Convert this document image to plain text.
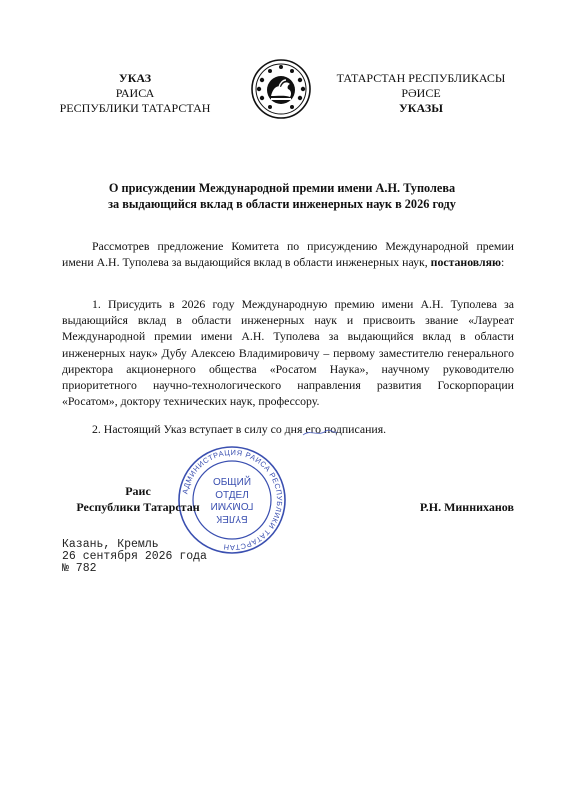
УКАЗ
РАИСА
РЕСПУБЛИКИ ТАТАРСТАН
ТАТАРСТАН РЕСПУБЛИКАСЫ
РӘИСЕ
УКАЗЫ
О присуждении Международной премии имени А.Н. Туполева
за выдающийся вклад в области инженерных наук в 2026 году
Рассмотрев предложение Комитета по присуждению Международной премии имени А.Н. Туполева за выдающийся вклад в области инженерных наук, постановляю:
1. Присудить в 2026 году Международную премию имени А.Н. Туполева за выдающийся вклад в области инженерных наук и присвоить звание «Лауреат Международной премии имени А.Н. Туполева за выдающийся вклад в области инженерных наук» Дубу Алексею Владимировичу – первому заместителю генерального директора акционерного общества «Росатом Наука», научному руководителю приоритетного научно-технологического направления развития Госкорпорации «Росатом», доктору технических наук, профессору.
2. Настоящий Указ вступает в силу со дня его подписания.
АДМИНИСТРАЦИЯ РАИСА РЕСПУБЛИКИ ТАТАРСТАН
ОБЩИЙ
ОТДЕЛ
БҮЛЕК
ГОМУМИ
Раис
Республики Татарстан	Р.Н. Минниханов
Казань, Кремль
26 сентября 2026 года
№ 782
